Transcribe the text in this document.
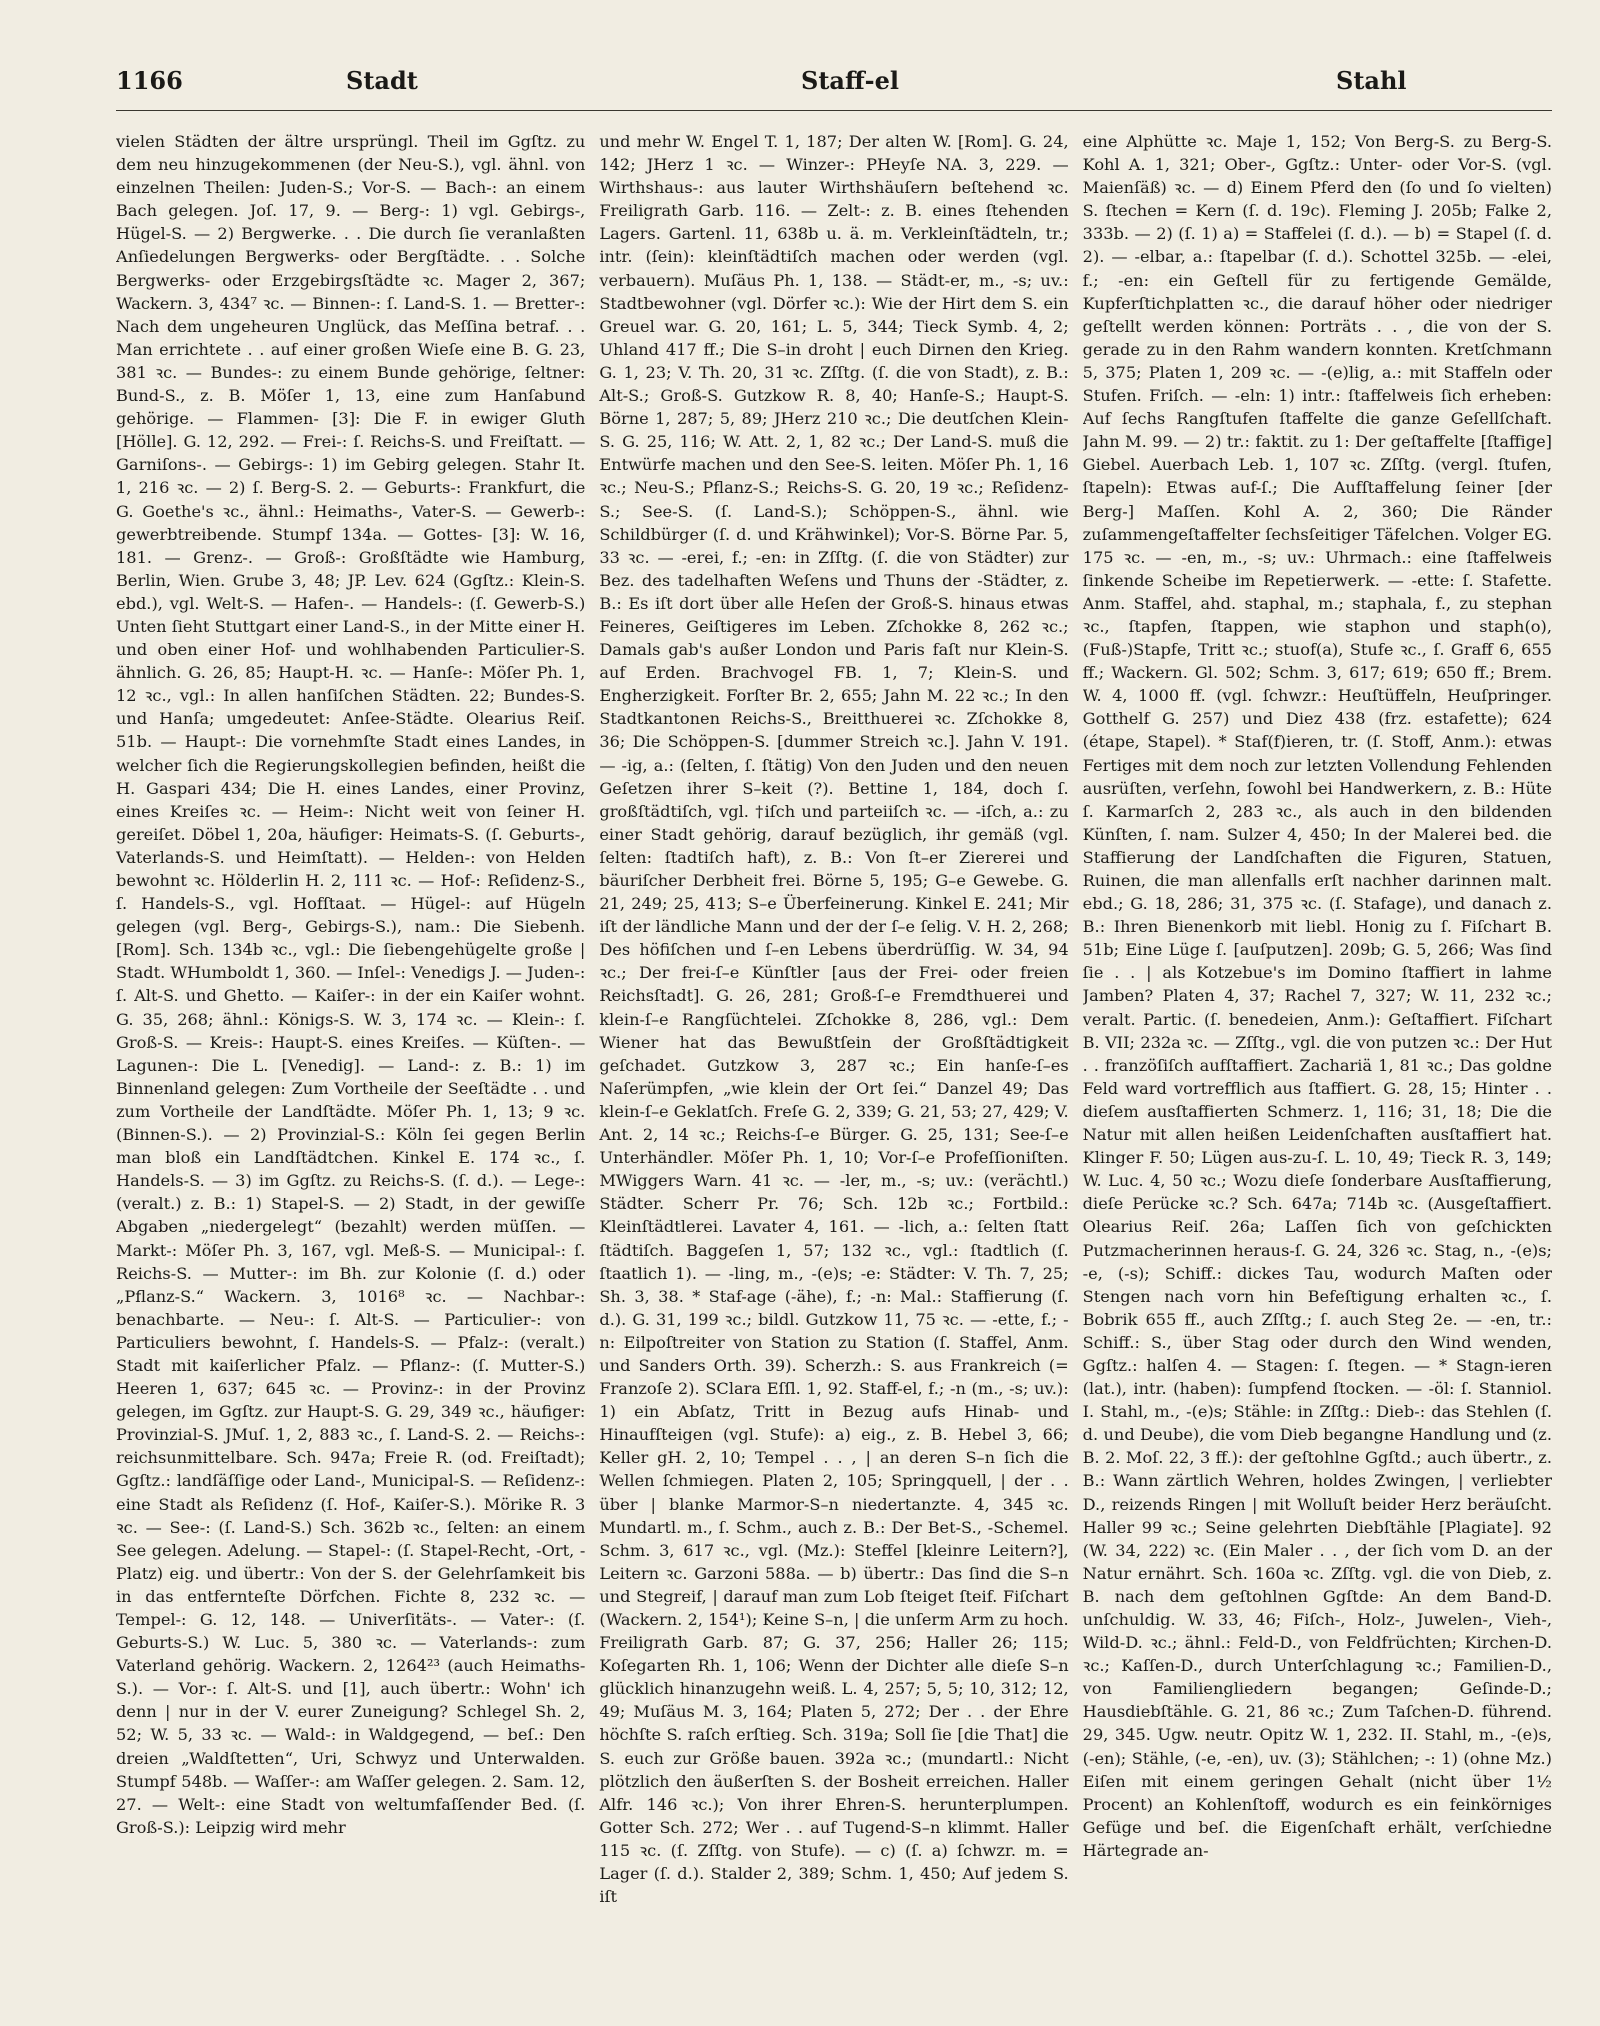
1166	Stadt	Staff-el	Stahl

vielen Städten der ältre ursprüngl. Theil im Ggſtz. zu dem neu hinzugekommenen (der Neu-S.), vgl. ähnl. von einzelnen Theilen: Juden-S.; Vor-S. — Bach-: an einem Bach gelegen. Joſ. 17, 9. — Berg-: 1) vgl. Gebirgs-, Hügel-S. — 2) Bergwerke. . . Die durch ſie veranlaßten Anſiedelungen Bergwerks- oder Bergſtädte. . . Solche Bergwerks- oder Erzgebirgsſtädte ꝛc. Mager 2, 367; Wackern. 3, 434⁷ ꝛc. — Binnen-: ſ. Land-S. 1. — Bretter-: Nach dem ungeheuren Unglück, das Meſſina betraf. . . Man errichtete . . auf einer großen Wieſe eine B. G. 23, 381 ꝛc. — Bundes-: zu einem Bunde gehörige, ſeltner: Bund-S., z. B. Möſer 1, 13, eine zum Hanſabund gehörige. — Flammen- [3]: Die F. in ewiger Gluth [Hölle]. G. 12, 292. — Frei-: ſ. Reichs-S. und Freiſtatt. — Garniſons-. — Gebirgs-: 1) im Gebirg gelegen. Stahr It. 1, 216 ꝛc. — 2) ſ. Berg-S. 2. — Geburts-: Frankfurt, die G. Goethe's ꝛc., ähnl.: Heimaths-, Vater-S. — Gewerb-: gewerbtreibende. Stumpf 134a. — Gottes- [3]: W. 16, 181. — Grenz-. — Groß-: Großſtädte wie Hamburg, Berlin, Wien. Grube 3, 48; JP. Lev. 624 (Ggſtz.: Klein-S. ebd.), vgl. Welt-S. — Hafen-. — Handels-: (ſ. Gewerb-S.) Unten ſieht Stuttgart einer Land-S., in der Mitte einer H. und oben einer Hof- und wohlhabenden Particulier-S. ähnlich. G. 26, 85; Haupt-H. ꝛc. — Hanſe-: Möſer Ph. 1, 12 ꝛc., vgl.: In allen hanſiſchen Städten. 22; Bundes-S. und Hanſa; umgedeutet: Anſee-Städte. Olearius Reiſ. 51b. — Haupt-: Die vornehmſte Stadt eines Landes, in welcher ſich die Regierungskollegien befinden, heißt die H. Gaspari 434; Die H. eines Landes, einer Provinz, eines Kreiſes ꝛc. — Heim-: Nicht weit von ſeiner H. gereiſet. Döbel 1, 20a, häufiger: Heimats-S. (ſ. Geburts-, Vaterlands-S. und Heimſtatt). — Helden-: von Helden bewohnt ꝛc. Hölderlin H. 2, 111 ꝛc. — Hof-: Reſidenz-S., ſ. Handels-S., vgl. Hofſtaat. — Hügel-: auf Hügeln gelegen (vgl. Berg-, Gebirgs-S.), nam.: Die Siebenh. [Rom]. Sch. 134b ꝛc., vgl.: Die ſiebengehügelte große | Stadt. WHumboldt 1, 360. — Inſel-: Venedigs J. — Juden-: ſ. Alt-S. und Ghetto. — Kaiſer-: in der ein Kaiſer wohnt. G. 35, 268; ähnl.: Königs-S. W. 3, 174 ꝛc. — Klein-: ſ. Groß-S. — Kreis-: Haupt-S. eines Kreiſes. — Küſten-. — Lagunen-: Die L. [Venedig]. — Land-: z. B.: 1) im Binnenland gelegen: Zum Vortheile der Seeſtädte . . und zum Vortheile der Landſtädte. Möſer Ph. 1, 13; 9 ꝛc. (Binnen-S.). — 2) Provinzial-S.: Köln ſei gegen Berlin man bloß ein Landſtädtchen. Kinkel E. 174 ꝛc., ſ. Handels-S. — 3) im Ggſtz. zu Reichs-S. (ſ. d.). — Lege-: (veralt.) z. B.: 1) Stapel-S. — 2) Stadt, in der gewiſſe Abgaben „niedergelegt“ (bezahlt) werden müſſen. — Markt-: Möſer Ph. 3, 167, vgl. Meß-S. — Municipal-: ſ. Reichs-S. — Mutter-: im Bh. zur Kolonie (ſ. d.) oder „Pflanz-S.“ Wackern. 3, 1016⁸ ꝛc. — Nachbar-: benachbarte. — Neu-: ſ. Alt-S. — Particulier-: von Particuliers bewohnt, ſ. Handels-S. — Pfalz-: (veralt.) Stadt mit kaiſerlicher Pfalz. — Pflanz-: (ſ. Mutter-S.) Heeren 1, 637; 645 ꝛc. — Provinz-: in der Provinz gelegen, im Ggſtz. zur Haupt-S. G. 29, 349 ꝛc., häufiger: Provinzial-S. JMuſ. 1, 2, 883 ꝛc., ſ. Land-S. 2. — Reichs-: reichsunmittelbare. Sch. 947a; Freie R. (od. Freiſtadt); Ggſtz.: landſäſſige oder Land-, Municipal-S. — Reſidenz-: eine Stadt als Reſidenz (ſ. Hof-, Kaiſer-S.). Mörike R. 3 ꝛc. — See-: (ſ. Land-S.) Sch. 362b ꝛc., ſelten: an einem See gelegen. Adelung. — Stapel-: (ſ. Stapel-Recht, -Ort, -Platz) eig. und übertr.: Von der S. der Gelehrſamkeit bis in das entfernteſte Dörfchen. Fichte 8, 232 ꝛc. — Tempel-: G. 12, 148. — Univerſitäts-. — Vater-: (ſ. Geburts-S.) W. Luc. 5, 380 ꝛc. — Vaterlands-: zum Vaterland gehörig. Wackern. 2, 1264²³ (auch Heimaths-S.). — Vor-: ſ. Alt-S. und [1], auch übertr.: Wohn' ich denn | nur in der V. eurer Zuneigung? Schlegel Sh. 2, 52; W. 5, 33 ꝛc. — Wald-: in Waldgegend, — beſ.: Den dreien „Waldſtetten“, Uri, Schwyz und Unterwalden. Stumpf 548b. — Waſſer-: am Waſſer gelegen. 2. Sam. 12, 27. — Welt-: eine Stadt von weltumfaſſender Bed. (ſ. Groß-S.): Leipzig wird mehr

und mehr W. Engel T. 1, 187; Der alten W. [Rom]. G. 24, 142; JHerz 1 ꝛc. — Winzer-: PHeyſe NA. 3, 229. — Wirthshaus-: aus lauter Wirthshäuſern beſtehend ꝛc. Freiligrath Garb. 116. — Zelt-: z. B. eines ſtehenden Lagers. Gartenl. 11, 638b u. ä. m. Verkleinſtädteln, tr.; intr. (ſein): kleinſtädtiſch machen oder werden (vgl. verbauern). Muſäus Ph. 1, 138. — Städt-er, m., -s; uv.: Stadtbewohner (vgl. Dörfer ꝛc.): Wie der Hirt dem S. ein Greuel war. G. 20, 161; L. 5, 344; Tieck Symb. 4, 2; Uhland 417 ff.; Die S–in droht | euch Dirnen den Krieg. G. 1, 23; V. Th. 20, 31 ꝛc. Zſſtg. (ſ. die von Stadt), z. B.: Alt-S.; Groß-S. Gutzkow R. 8, 40; Hanſe-S.; Haupt-S. Börne 1, 287; 5, 89; JHerz 210 ꝛc.; Die deutſchen Klein-S. G. 25, 116; W. Att. 2, 1, 82 ꝛc.; Der Land-S. muß die Entwürfe machen und den See-S. leiten. Möſer Ph. 1, 16 ꝛc.; Neu-S.; Pflanz-S.; Reichs-S. G. 20, 19 ꝛc.; Reſidenz-S.; See-S. (ſ. Land-S.); Schöppen-S., ähnl. wie Schildbürger (ſ. d. und Krähwinkel); Vor-S. Börne Par. 5, 33 ꝛc. — -erei, f.; -en: in Zſſtg. (ſ. die von Städter) zur Bez. des tadelhaften Weſens und Thuns der -Städter, z. B.: Es iſt dort über alle Heſen der Groß-S. hinaus etwas Feineres, Geiſtigeres im Leben. Zſchokke 8, 262 ꝛc.; Damals gab's außer London und Paris faſt nur Klein-S. auf Erden. Brachvogel FB. 1, 7; Klein-S. und Engherzigkeit. Forſter Br. 2, 655; Jahn M. 22 ꝛc.; In den Stadtkantonen Reichs-S., Breitthuerei ꝛc. Zſchokke 8, 36; Die Schöppen-S. [dummer Streich ꝛc.]. Jahn V. 191. — -ig, a.: (ſelten, ſ. ſtätig) Von den Juden und den neuen Geſetzen ihrer S–keit (?). Bettine 1, 184, doch ſ. großſtädtiſch, vgl. †iſch und parteiiſch ꝛc. — -iſch, a.: zu einer Stadt gehörig, darauf bezüglich, ihr gemäß (vgl. ſelten: ſtadtiſch haft), z. B.: Von ſt–er Ziererei und bäuriſcher Derbheit frei. Börne 5, 195; G–e Gewebe. G. 21, 249; 25, 413; S–e Überfeinerung. Kinkel E. 241; Mir iſt der ländliche Mann und der der ſ–e ſelig. V. H. 2, 268; Des höfiſchen und ſ–en Lebens überdrüſſig. W. 34, 94 ꝛc.; Der frei-ſ–e Künſtler [aus der Frei- oder freien Reichsſtadt]. G. 26, 281; Groß-ſ–e Fremdthuerei und klein-ſ–e Rangſüchtelei. Zſchokke 8, 286, vgl.: Dem Wiener hat das Bewußtſein der Großſtädtigkeit geſchadet. Gutzkow 3, 287 ꝛc.; Ein hanſe-ſ–es Naſerümpfen, „wie klein der Ort ſei.“ Danzel 49; Das klein-ſ–e Geklatſch. Freſe G. 2, 339; G. 21, 53; 27, 429; V. Ant. 2, 14 ꝛc.; Reichs-ſ–e Bürger. G. 25, 131; See-ſ–e Unterhändler. Möſer Ph. 1, 10; Vor-ſ–e Profeſſioniſten. MWiggers Warn. 41 ꝛc. — -ler, m., -s; uv.: (verächtl.) Städter. Scherr Pr. 76; Sch. 12b ꝛc.; Fortbild.: Kleinſtädtlerei. Lavater 4, 161. — -lich, a.: ſelten ſtatt ſtädtiſch. Baggeſen 1, 57; 132 ꝛc., vgl.: ſtadtlich (ſ. ſtaatlich 1). — -ling, m., -(e)s; -e: Städter: V. Th. 7, 25; Sh. 3, 38. * Staf-age (-ähe), f.; -n: Mal.: Staffierung (ſ. d.). G. 31, 199 ꝛc.; bildl. Gutzkow 11, 75 ꝛc. — -ette, f.; -n: Eilpoſtreiter von Station zu Station (ſ. Staffel, Anm. und Sanders Orth. 39). Scherzh.: S. aus Frankreich (= Franzoſe 2). SClara Eſſl. 1, 92. Staff-el, f.; -n (m., -s; uv.): 1) ein Abſatz, Tritt in Bezug aufs Hinab- und Hinaufſteigen (vgl. Stufe): a) eig., z. B. Hebel 3, 66; Keller gH. 2, 10; Tempel . . , | an deren S–n ſich die Wellen ſchmiegen. Platen 2, 105; Springquell, | der . . über | blanke Marmor-S–n niedertanzte. 4, 345 ꝛc. Mundartl. m., ſ. Schm., auch z. B.: Der Bet-S., -Schemel. Schm. 3, 617 ꝛc., vgl. (Mz.): Steffel [kleinre Leitern?], Leitern ꝛc. Garzoni 588a. — b) übertr.: Das ſind die S–n und Stegreif, | darauf man zum Lob ſteiget ſteif. Fiſchart (Wackern. 2, 154¹); Keine S–n, | die unſerm Arm zu hoch. Freiligrath Garb. 87; G. 37, 256; Haller 26; 115; Koſegarten Rh. 1, 106; Wenn der Dichter alle dieſe S–n glücklich hinanzugehn weiß. L. 4, 257; 5, 5; 10, 312; 12, 49; Muſäus M. 3, 164; Platen 5, 272; Der . . der Ehre höchſte S. raſch erſtieg. Sch. 319a; Soll ſie [die That] die S. euch zur Größe bauen. 392a ꝛc.; (mundartl.: Nicht plötzlich den äußerſten S. der Bosheit erreichen. Haller Alfr. 146 ꝛc.); Von ihrer Ehren-S. herunterplumpen. Gotter Sch. 272; Wer . . auf Tugend-S–n klimmt. Haller 115 ꝛc. (ſ. Zſſtg. von Stufe). — c) (ſ. a) ſchwzr. m. = Lager (ſ. d.). Stalder 2, 389; Schm. 1, 450; Auf jedem S. iſt

eine Alphütte ꝛc. Maje 1, 152; Von Berg-S. zu Berg-S. Kohl A. 1, 321; Ober-, Ggſtz.: Unter- oder Vor-S. (vgl. Maienſäß) ꝛc. — d) Einem Pferd den (ſo und ſo vielten) S. ſtechen = Kern (ſ. d. 19c). Fleming J. 205b; Falke 2, 333b. — 2) (ſ. 1) a) = Staffelei (ſ. d.). — b) = Stapel (ſ. d. 2). — -elbar, a.: ſtapelbar (ſ. d.). Schottel 325b. — -elei, f.; -en: ein Geſtell für zu fertigende Gemälde, Kupferſtichplatten ꝛc., die darauf höher oder niedriger geſtellt werden können: Porträts . . , die von der S. gerade zu in den Rahm wandern konnten. Kretſchmann 5, 375; Platen 1, 209 ꝛc. — -(e)lig, a.: mit Staffeln oder Stufen. Friſch. — -eln: 1) intr.: ſtaffelweis ſich erheben: Auf ſechs Rangſtufen ſtaffelte die ganze Geſellſchaft. Jahn M. 99. — 2) tr.: faktit. zu 1: Der geſtaffelte [ſtaffige] Giebel. Auerbach Leb. 1, 107 ꝛc. Zſſtg. (vergl. ſtufen, ſtapeln): Etwas auf-ſ.; Die Aufſtaffelung ſeiner [der Berg-] Maſſen. Kohl A. 2, 360; Die Ränder zuſammengeſtaffelter ſechsſeitiger Täfelchen. Volger EG. 175 ꝛc. — -en, m., -s; uv.: Uhrmach.: eine ſtaffelweis ſinkende Scheibe im Repetierwerk. — -ette: ſ. Stafette. Anm. Staffel, ahd. staphal, m.; staphala, f., zu stephan ꝛc., ſtapfen, ſtappen, wie staphon und staph(o), (Fuß-)Stapfe, Tritt ꝛc.; stuof(a), Stufe ꝛc., ſ. Graff 6, 655 ff.; Wackern. Gl. 502; Schm. 3, 617; 619; 650 ff.; Brem. W. 4, 1000 ff. (vgl. ſchwzr.: Heuſtüffeln, Heuſpringer. Gotthelf G. 257) und Diez 438 (frz. estafette); 624 (étape, Stapel). * Staf(f)ieren, tr. (ſ. Stoff, Anm.): etwas Fertiges mit dem noch zur letzten Vollendung Fehlenden ausrüſten, verſehn, ſowohl bei Handwerkern, z. B.: Hüte ſ. Karmarſch 2, 283 ꝛc., als auch in den bildenden Künſten, ſ. nam. Sulzer 4, 450; In der Malerei bed. die Staffierung der Landſchaften die Figuren, Statuen, Ruinen, die man allenfalls erſt nachher darinnen malt. ebd.; G. 18, 286; 31, 375 ꝛc. (ſ. Stafage), und danach z. B.: Ihren Bienenkorb mit liebl. Honig zu ſ. Fiſchart B. 51b; Eine Lüge ſ. [auſputzen]. 209b; G. 5, 266; Was ſind ſie . . | als Kotzebue's im Domino ſtaffiert in lahme Jamben? Platen 4, 37; Rachel 7, 327; W. 11, 232 ꝛc.; veralt. Partic. (ſ. benedeien, Anm.): Geſtaffiert. Fiſchart B. VII; 232a ꝛc. — Zſſtg., vgl. die von putzen ꝛc.: Der Hut . . franzöſiſch aufſtaffiert. Zachariä 1, 81 ꝛc.; Das goldne Feld ward vortrefflich aus ſtaffiert. G. 28, 15; Hinter . . dieſem ausſtaffierten Schmerz. 1, 116; 31, 18; Die die Natur mit allen heißen Leidenſchaften ausſtaffiert hat. Klinger F. 50; Lügen aus-zu-ſ. L. 10, 49; Tieck R. 3, 149; W. Luc. 4, 50 ꝛc.; Wozu dieſe ſonderbare Ausſtaffierung, dieſe Perücke ꝛc.? Sch. 647a; 714b ꝛc. (Ausgeſtaffiert. Olearius Reiſ. 26a; Laſſen ſich von geſchickten Putzmacherinnen heraus-ſ. G. 24, 326 ꝛc. Stag, n., -(e)s; -e, (-s); Schiff.: dickes Tau, wodurch Maſten oder Stengen nach vorn hin Befeſtigung erhalten ꝛc., ſ. Bobrik 655 ff., auch Zſſtg.; ſ. auch Steg 2e. — -en, tr.: Schiff.: S., über Stag oder durch den Wind wenden, Ggſtz.: halſen 4. — Stagen: ſ. ſtegen. — * Stagn-ieren (lat.), intr. (haben): ſumpfend ſtocken. — -öl: ſ. Stanniol. I. Stahl, m., -(e)s; Stähle: in Zſſtg.: Dieb-: das Stehlen (ſ. d. und Deube), die vom Dieb begangne Handlung und (z. B. 2. Moſ. 22, 3 ff.): der geſtohlne Ggſtd.; auch übertr., z. B.: Wann zärtlich Wehren, holdes Zwingen, | verliebter D., reizends Ringen | mit Wolluſt beider Herz beräuſcht. Haller 99 ꝛc.; Seine gelehrten Diebſtähle [Plagiate]. 92 (W. 34, 222) ꝛc. (Ein Maler . . , der ſich vom D. an der Natur ernährt. Sch. 160a ꝛc. Zſſtg. vgl. die von Dieb, z. B. nach dem geſtohlnen Ggſtde: An dem Band-D. unſchuldig. W. 33, 46; Fiſch-, Holz-, Juwelen-, Vieh-, Wild-D. ꝛc.; ähnl.: Feld-D., von Feldfrüchten; Kirchen-D. ꝛc.; Kaſſen-D., durch Unterſchlagung ꝛc.; Familien-D., von Familiengliedern begangen; Geſinde-D.; Hausdiebſtähle. G. 21, 86 ꝛc.; Zum Taſchen-D. führend. 29, 345. Ugw. neutr. Opitz W. 1, 232. II. Stahl, m., -(e)s, (-en); Stähle, (-e, -en), uv. (3); Stählchen; -: 1) (ohne Mz.) Eiſen mit einem geringen Gehalt (nicht über 1½ Procent) an Kohlenſtoff, wodurch es ein feinkörniges Gefüge und beſ. die Eigenſchaft erhält, verſchiedne Härtegrade an-
